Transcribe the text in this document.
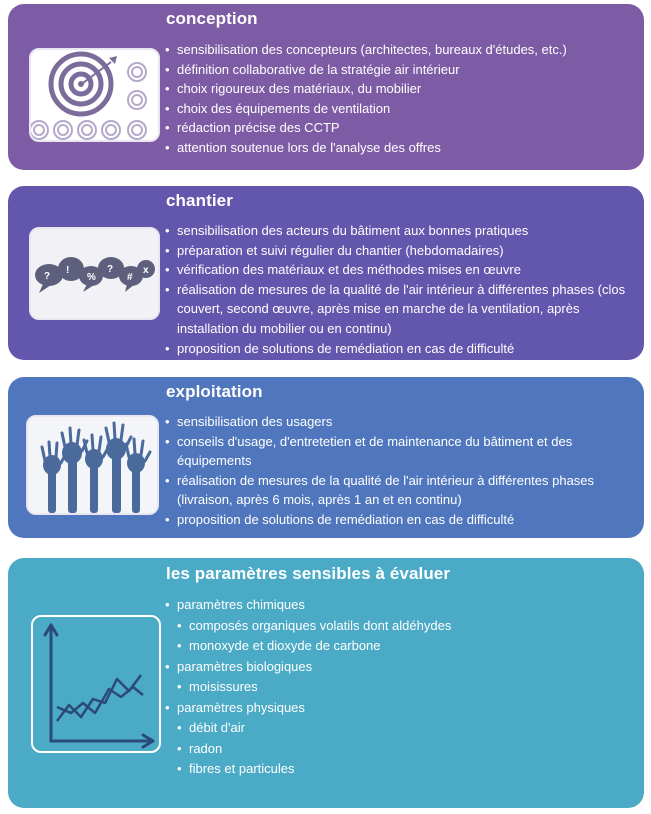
conception
• sensibilisation des concepteurs (architectes, bureaux d'études, etc.)
• définition collaborative de la stratégie air intérieur
• choix rigoureux des matériaux, du mobilier
• choix des équipements de ventilation
• rédaction précise des CCTP
• attention soutenue lors de l'analyse des offres
chantier
?
!
%
?
#
x
• sensibilisation des acteurs du bâtiment aux bonnes pratiques
• préparation et suivi régulier du chantier (hebdomadaires)
• vérification des matériaux et des méthodes mises en œuvre
• réalisation de mesures de la qualité de l'air intérieur à différentes phases (clos couvert, second œuvre, après mise en marche de la ventilation, après installation du mobilier ou en continu)
• proposition de solutions de remédiation en cas de difficulté
exploitation
• sensibilisation des usagers
• conseils d'usage, d'entretetien et de maintenance du bâtiment et des équipements
• réalisation de mesures de la qualité de l'air intérieur à différentes phases (livraison, après 6 mois, après 1 an et en continu)
• proposition de solutions de remédiation en cas de difficulté
les paramètres sensibles à évaluer
• paramètres chimiques
• composés organiques volatils dont aldéhydes
• monoxyde et dioxyde de carbone
• paramètres biologiques
• moisissures
• paramètres physiques
• débit d'air
• radon
• fibres et particules
